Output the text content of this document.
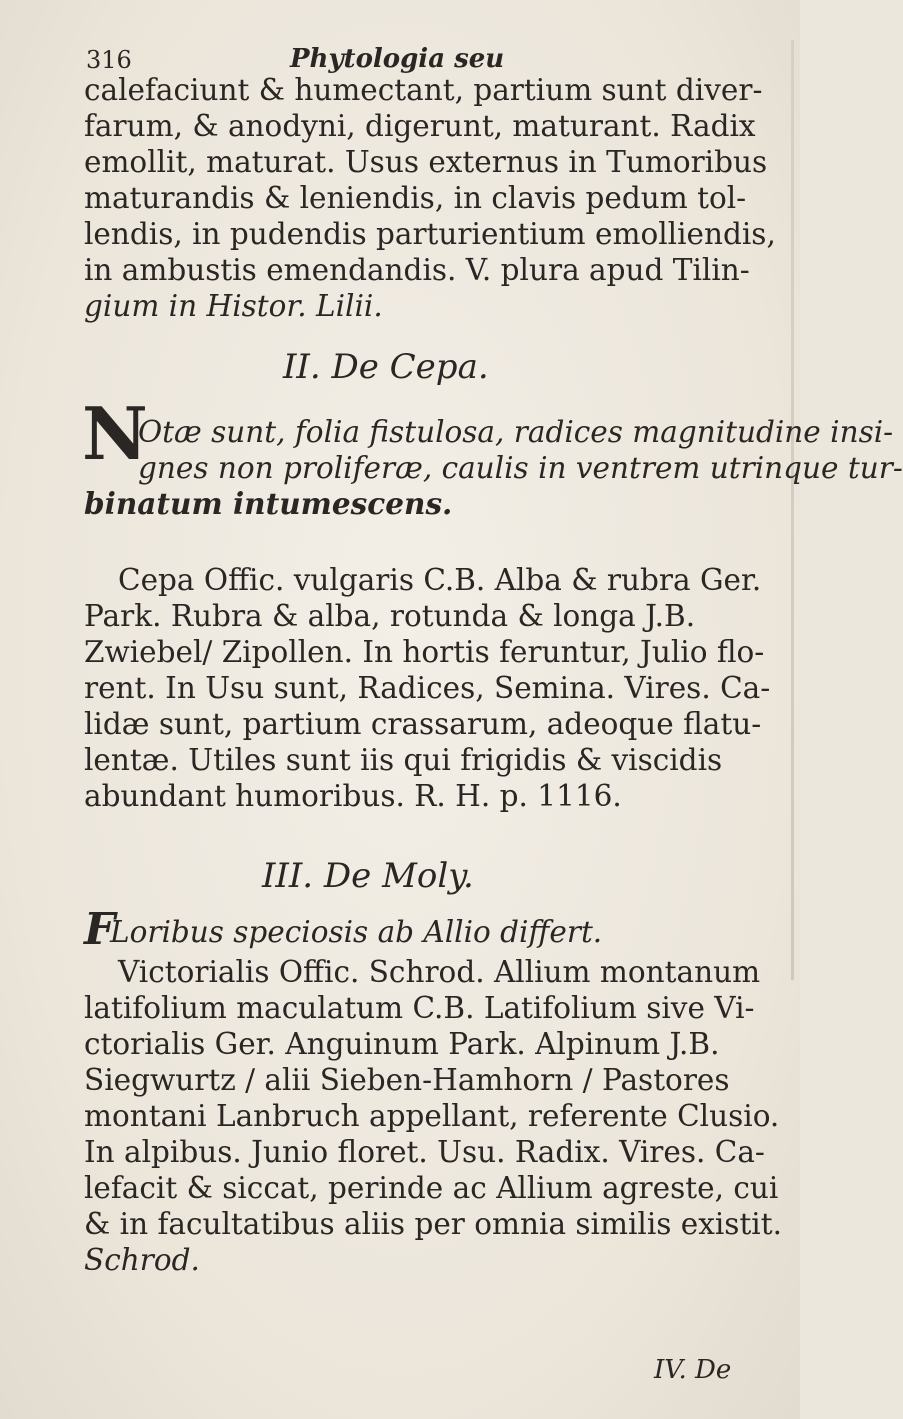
316	Phytologia seu
calefaciunt & humectant, partium sunt diver-
farum, & anodyni, digerunt, maturant. Radix
emollit, maturat. Usus externus in Tumoribus
maturandis & leniendis, in clavis pedum tol-
lendis, in pudendis parturientium emolliendis,
in ambustis emendandis. V. plura apud Tilin-
gium in Histor. Lilii.
II. De Cepa.
N
Otæ sunt, folia fistulosa, radices magnitudine insi-
gnes non proliferæ, caulis in ventrem utrinque tur-
binatum intumescens.
Cepa Offic. vulgaris C.B. Alba & rubra Ger.
Park. Rubra & alba, rotunda & longa J.B.
Zwiebel/ Zipollen. In hortis feruntur, Julio flo-
rent. In Usu sunt, Radices, Semina. Vires. Ca-
lidæ sunt, partium crassarum, adeoque flatu-
lentæ. Utiles sunt iis qui frigidis & viscidis
abundant humoribus. R. H. p. 1116.
III. De Moly.
F
Loribus speciosis ab Allio differt.
Victorialis Offic. Schrod. Allium montanum
latifolium maculatum C.B. Latifolium sive Vi-
ctorialis Ger. Anguinum Park. Alpinum J.B.
Siegwurtz / alii Sieben-Hamhorn / Pastores
montani Lanbruch appellant, referente Clusio.
In alpibus. Junio floret. Usu. Radix. Vires. Ca-
lefacit & siccat, perinde ac Allium agreste, cui
& in facultatibus aliis per omnia similis existit.
Schrod.
IV. De
